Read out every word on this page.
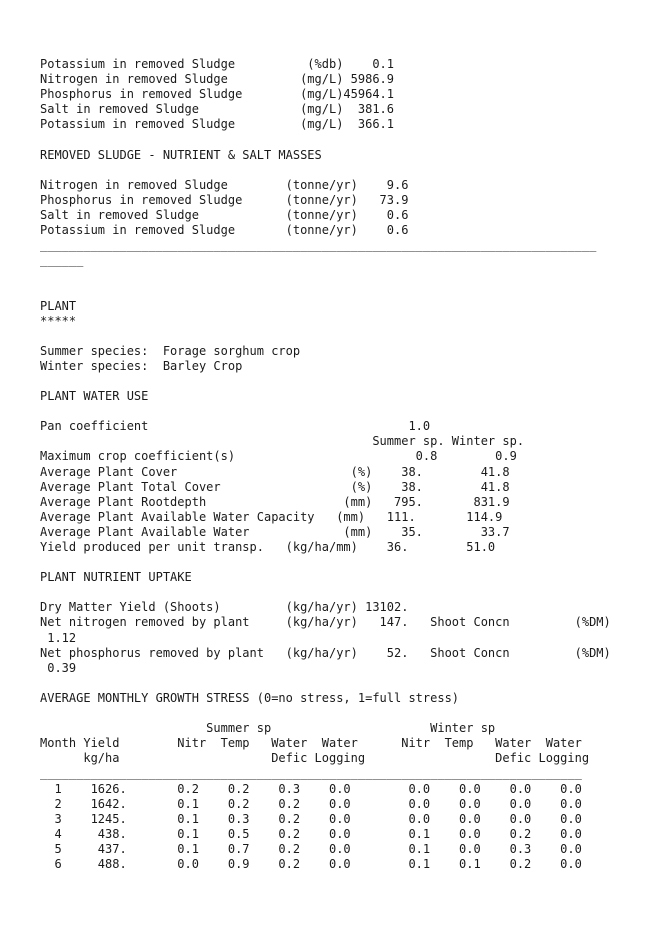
Potassium in removed Sludge          (%db)    0.1
Nitrogen in removed Sludge          (mg/L) 5986.9
Phosphorus in removed Sludge        (mg/L)45964.1
Salt in removed Sludge              (mg/L)  381.6
Potassium in removed Sludge         (mg/L)  366.1
REMOVED SLUDGE - NUTRIENT & SALT MASSES
Nitrogen in removed Sludge        (tonne/yr)    9.6
Phosphorus in removed Sludge      (tonne/yr)   73.9
Salt in removed Sludge            (tonne/yr)    0.6
Potassium in removed Sludge       (tonne/yr)    0.6
_____________________________________________________________________________
______
PLANT
*****
Summer species:  Forage sorghum crop
Winter species:  Barley Crop
PLANT WATER USE
Pan coefficient                                    1.0
Summer sp. Winter sp.
Maximum crop coefficient(s)                         0.8        0.9
Average Plant Cover                        (%)    38.        41.8
Average Plant Total Cover                  (%)    38.        41.8
Average Plant Rootdepth                   (mm)   795.       831.9
Average Plant Available Water Capacity   (mm)   111.       114.9
Average Plant Available Water             (mm)    35.        33.7
Yield produced per unit transp.   (kg/ha/mm)    36.        51.0
PLANT NUTRIENT UPTAKE
Dry Matter Yield (Shoots)         (kg/ha/yr) 13102.
Net nitrogen removed by plant     (kg/ha/yr)   147.   Shoot Concn         (%DM)
1.12
Net phosphorus removed by plant   (kg/ha/yr)    52.   Shoot Concn         (%DM)
0.39
AVERAGE MONTHLY GROWTH STRESS (0=no stress, 1=full stress)
Summer sp                      Winter sp
Month Yield        Nitr  Temp   Water  Water      Nitr  Temp   Water  Water
kg/ha                     Defic Logging                  Defic Logging
___________________________________________________________________________
1    1626.       0.2    0.2    0.3    0.0        0.0    0.0    0.0    0.0
2    1642.       0.1    0.2    0.2    0.0        0.0    0.0    0.0    0.0
3    1245.       0.1    0.3    0.2    0.0        0.0    0.0    0.0    0.0
4     438.       0.1    0.5    0.2    0.0        0.1    0.0    0.2    0.0
5     437.       0.1    0.7    0.2    0.0        0.1    0.0    0.3    0.0
6     488.       0.0    0.9    0.2    0.0        0.1    0.1    0.2    0.0
